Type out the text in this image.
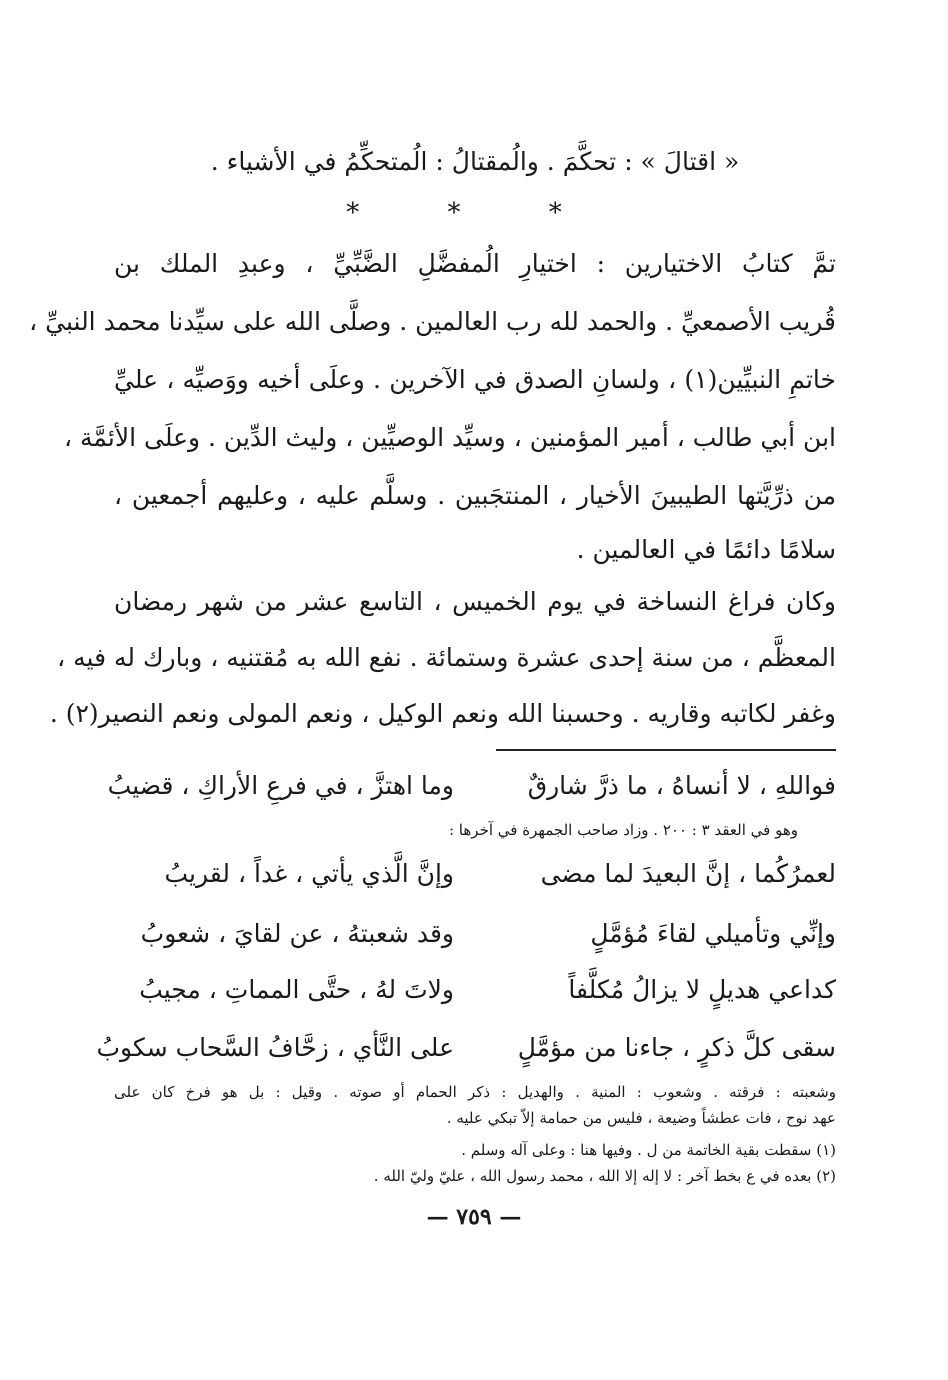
« اقتالَ » : تحكَّمَ . والُمقتالُ : الُمتحكِّمُ في الأشياء .
* * *
تمَّ كتابُ الاختيارين : اختيارِ الُمفضَّلِ الضَّبِّيِّ ، وعبدِ الملك بن
قُريب الأصمعيِّ . والحمد لله رب العالمين . وصلَّى الله على سيِّدنا محمد النبيِّ ،
خاتمِ النبيِّين(١) ، ولسانِ الصدق في الآخرين . وعلَى أخيه ووَصيِّه ، عليِّ
ابن أبي طالب ، أمير المؤمنين ، وسيِّد الوصيِّين ، وليث الدِّين . وعلَى الأئمَّة ،
من ذرِّيَّتها الطيبينَ الأخيار ، المنتجَبين . وسلَّم عليه ، وعليهم أجمعين ،
سلامًا دائمًا في العالمين .
وكان فراغ النساخة في يوم الخميس ، التاسع عشر من شهر رمضان
المعظَّم ، من سنة إحدى عشرة وستمائة . نفع الله به مُقتنيه ، وبارك له فيه ،
وغفر لكاتبه وقاريه . وحسبنا الله ونعم الوكيل ، ونعم المولى ونعم النصير(٢) .
فواللهِ ، لا أنساهُ ، ما ذرَّ شارقٌ
وما اهتزَّ ، في فرعِ الأراكِ ، قضيبُ
وهو في العقد ٣ : ٢٠٠ . وزاد صاحب الجمهرة في آخرها :
لعمرُكُما ، إنَّ البعيدَ لما مضى
وإنَّ الَّذي يأتي ، غداً ، لقريبُ
وإنِّي وتأميلي لقاءَ مُؤمَّلٍ
وقد شعبتهُ ، عن لقايَ ، شعوبُ
كداعي هديلٍ لا يزالُ مُكلَّفاً
ولاتَ لهُ ، حتَّى المماتِ ، مجيبُ
سقى كلَّ ذكرٍ ، جاءنا من مؤمَّلٍ
على النَّأي ، زحَّافُ السَّحاب سكوبُ
وشعبته : فرقته . وشعوب : المنية . والهديل : ذكر الحمام أو صوته . وقيل : بل هو فرخ كان على
عهد نوح ، فات عطشاً وضيعة ، فليس من حمامة إلاّ تبكي عليه .
(١) سقطت بقية الخاتمة من ل . وفيها هنا : وعلى آله وسلم .
(٢) بعده في ع بخط آخر : لا إله إلا الله ، محمد رسول الله ، عليّ وليّ الله .
— ٧٥٩ —
